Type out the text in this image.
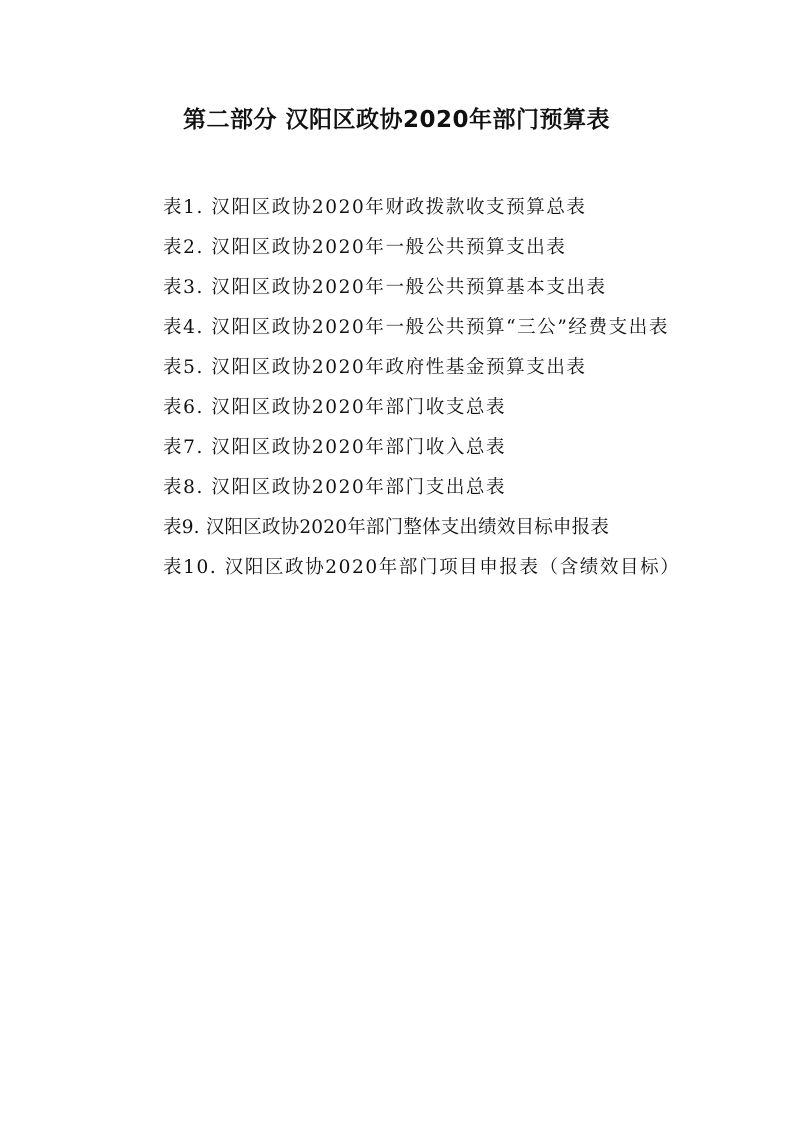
第二部分 汉阳区政协2020年部门预算表
表1. 汉阳区政协2020年财政拨款收支预算总表
表2. 汉阳区政协2020年一般公共预算支出表
表3. 汉阳区政协2020年一般公共预算基本支出表
表4. 汉阳区政协2020年一般公共预算“三公”经费支出表
表5. 汉阳区政协2020年政府性基金预算支出表
表6. 汉阳区政协2020年部门收支总表
表7. 汉阳区政协2020年部门收入总表
表8. 汉阳区政协2020年部门支出总表
表9. 汉阳区政协2020年部门整体支出绩效目标申报表
表10. 汉阳区政协2020年部门项目申报表（含绩效目标）
